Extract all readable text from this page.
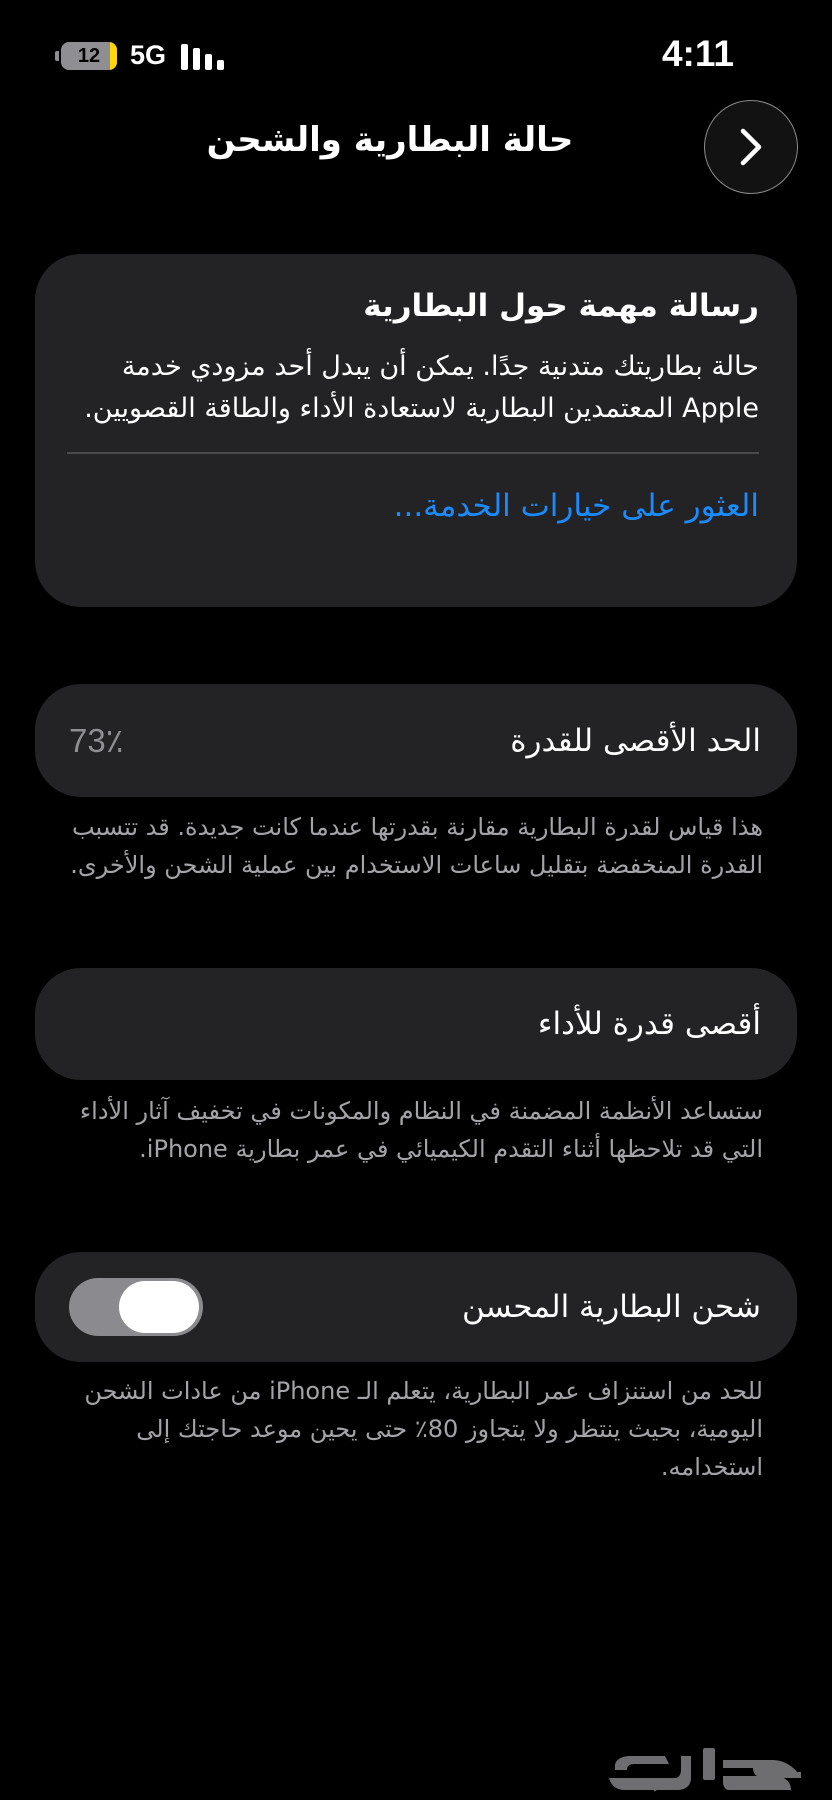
12	5G	4:11
حالة البطارية والشحن
رسالة مهمة حول البطارية
حالة بطاريتك متدنية جدًا. يمكن أن يبدل أحد مزودي خدمة Apple المعتمدين البطارية لاستعادة الأداء والطاقة القصويين.
العثور على خيارات الخدمة...
الحد الأقصى للقدرة
73٪
هذا قياس لقدرة البطارية مقارنة بقدرتها عندما كانت جديدة. قد تتسبب القدرة المنخفضة بتقليل ساعات الاستخدام بين عملية الشحن والأخرى.
أقصى قدرة للأداء
ستساعد الأنظمة المضمنة في النظام والمكونات في تخفيف آثار الأداء التي قد تلاحظها أثناء التقدم الكيميائي في عمر بطارية iPhone.
شحن البطارية المحسن
للحد من استنزاف عمر البطارية، يتعلم الـ iPhone من عادات الشحن اليومية، بحيث ينتظر ولا يتجاوز 80٪ حتى يحين موعد حاجتك إلى استخدامه.
